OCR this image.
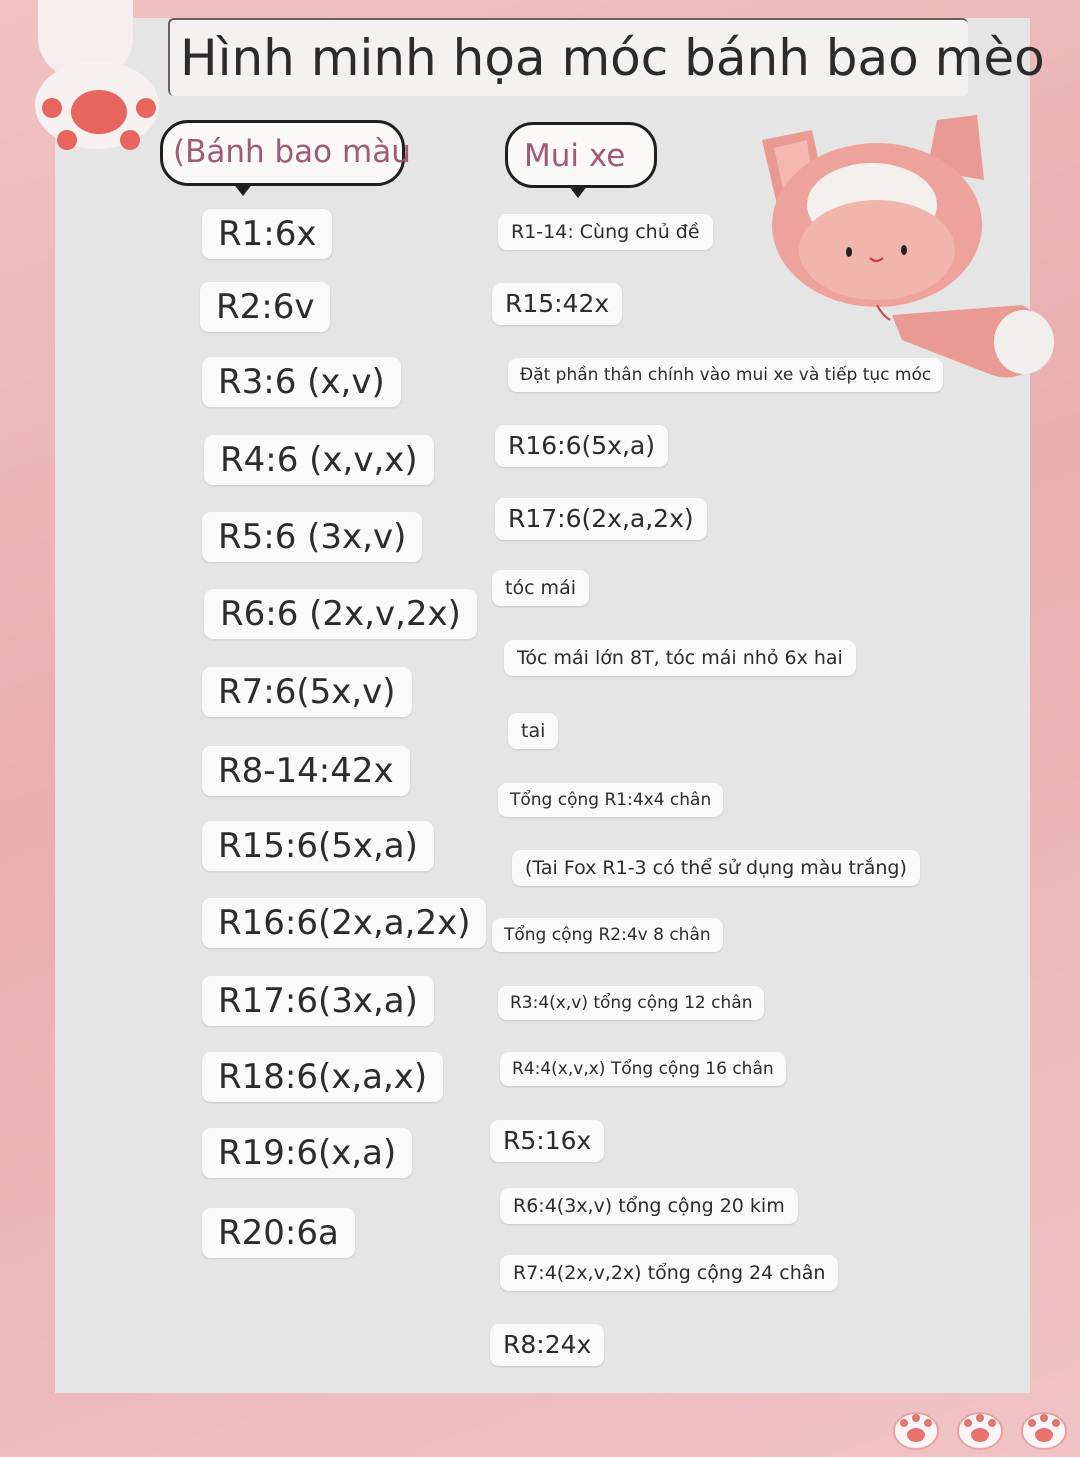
Hình minh họa móc bánh bao mèo
(Bánh bao màu	Mui xe
R1:6x
R2:6v
R3:6 (x,v)
R4:6 (x,v,x)
R5:6 (3x,v)
R6:6 (2x,v,2x)
R7:6(5x,v)
R8-14:42x
R15:6(5x,a)
R16:6(2x,a,2x)
R17:6(3x,a)
R18:6(x,a,x)
R19:6(x,a)
R20:6a
R1-14: Cùng chủ đề
R15:42x
Đặt phần thân chính vào mui xe và tiếp tục móc
R16:6(5x,a)
R17:6(2x,a,2x)
tóc mái
Tóc mái lớn 8T, tóc mái nhỏ 6x hai
tai
Tổng cộng R1:4x4 chân
(Tai Fox R1-3 có thể sử dụng màu trắng)
Tổng cộng R2:4v 8 chân
R3:4(x,v) tổng cộng 12 chân
R4:4(x,v,x) Tổng cộng 16 chân
R5:16x
R6:4(3x,v) tổng cộng 20 kim
R7:4(2x,v,2x) tổng cộng 24 chân
R8:24x
